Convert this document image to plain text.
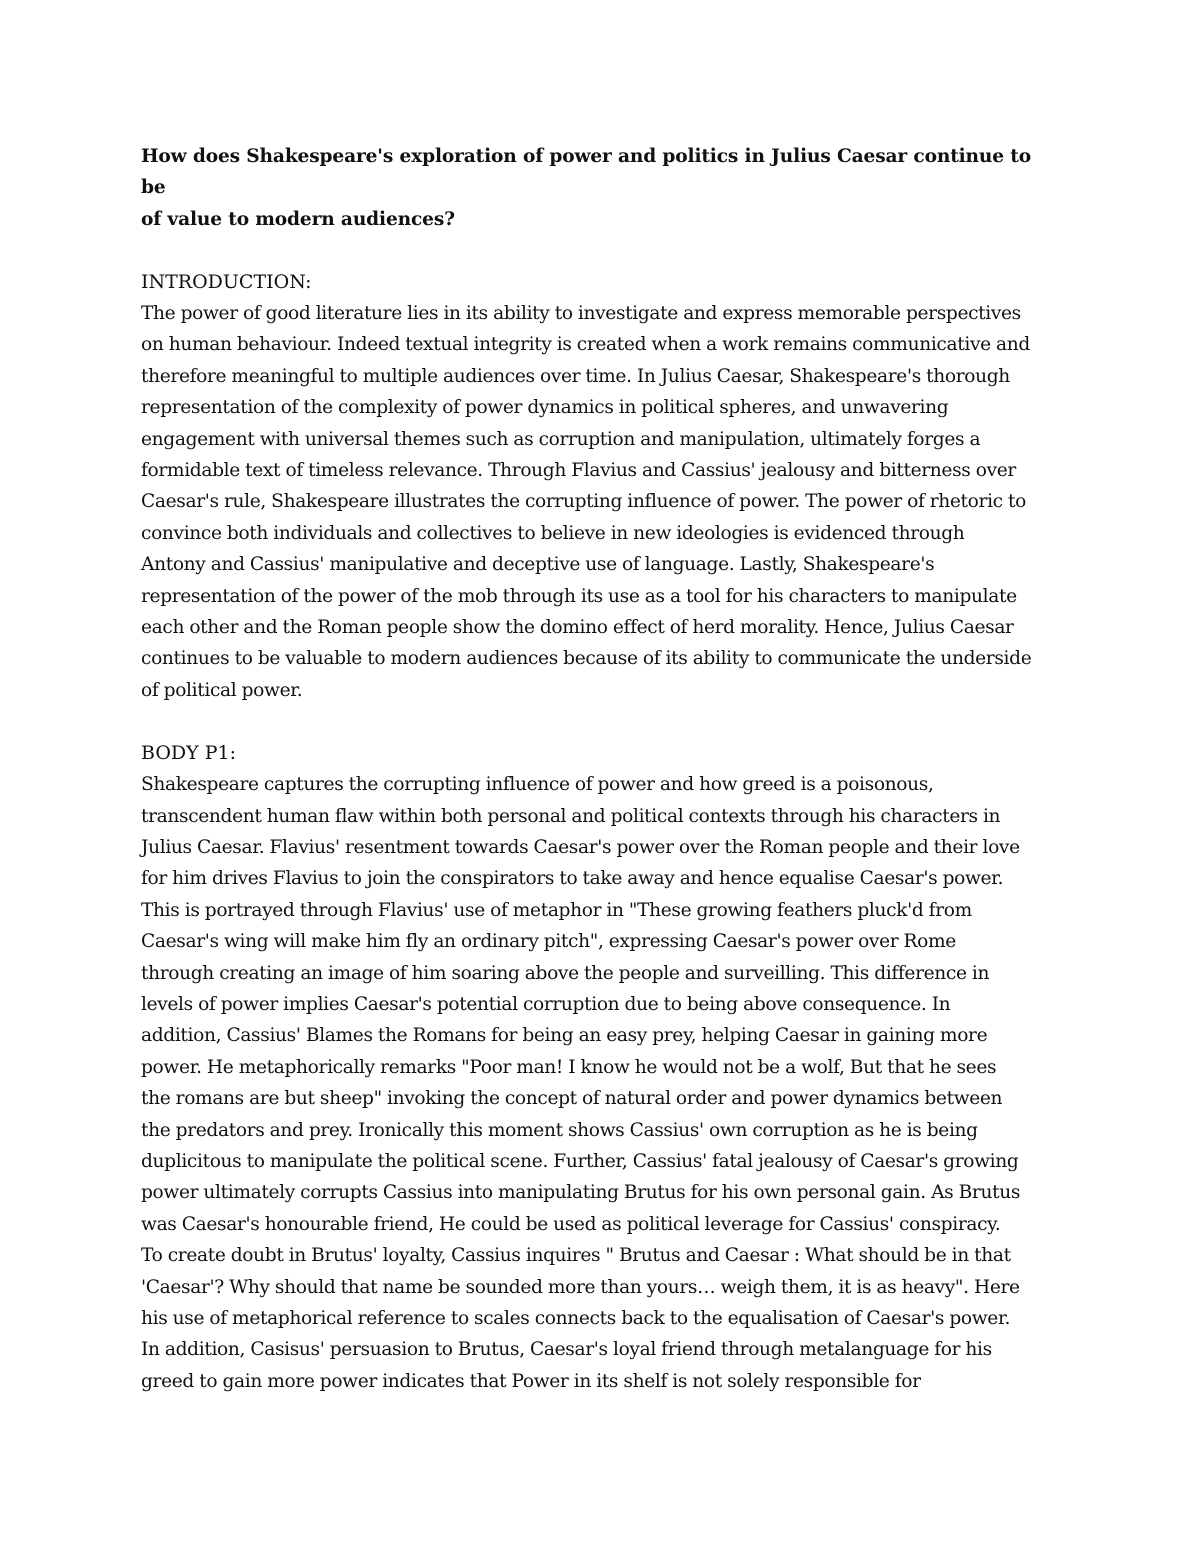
How does Shakespeare's exploration of power and politics in Julius Caesar continue to be

of value to modern audiences?

INTRODUCTION:

The power of good literature lies in its ability to investigate and express memorable perspectives

on human behaviour. Indeed textual integrity is created when a work remains communicative and

therefore meaningful to multiple audiences over time. In Julius Caesar, Shakespeare's thorough

representation of the complexity of power dynamics in political spheres, and unwavering

engagement with universal themes such as corruption and manipulation, ultimately forges a

formidable text of timeless relevance. Through Flavius and Cassius' jealousy and bitterness over

Caesar's rule, Shakespeare illustrates the corrupting influence of power. The power of rhetoric to

convince both individuals and collectives to believe in new ideologies is evidenced through

Antony and Cassius' manipulative and deceptive use of language. Lastly, Shakespeare's

representation of the power of the mob through its use as a tool for his characters to manipulate

each other and the Roman people show the domino effect of herd morality. Hence, Julius Caesar

continues to be valuable to modern audiences because of its ability to communicate the underside

of political power.

BODY P1:

Shakespeare captures the corrupting influence of power and how greed is a poisonous,

transcendent human flaw within both personal and political contexts through his characters in

Julius Caesar. Flavius' resentment towards Caesar's power over the Roman people and their love

for him drives Flavius to join the conspirators to take away and hence equalise Caesar's power.

This is portrayed through Flavius' use of metaphor in "These growing feathers pluck'd from

Caesar's wing will make him fly an ordinary pitch", expressing Caesar's power over Rome

through creating an image of him soaring above the people and surveilling. This difference in

levels of power implies Caesar's potential corruption due to being above consequence. In

addition, Cassius' Blames the Romans for being an easy prey, helping Caesar in gaining more

power. He metaphorically remarks "Poor man! I know he would not be a wolf, But that he sees

the romans are but sheep" invoking the concept of natural order and power dynamics between

the predators and prey. Ironically this moment shows Cassius' own corruption as he is being

duplicitous to manipulate the political scene. Further, Cassius' fatal jealousy of Caesar's growing

power ultimately corrupts Cassius into manipulating Brutus for his own personal gain. As Brutus

was Caesar's honourable friend, He could be used as political leverage for Cassius' conspiracy.

To create doubt in Brutus' loyalty, Cassius inquires " Brutus and Caesar : What should be in that

'Caesar'? Why should that name be sounded more than yours… weigh them, it is as heavy". Here

his use of metaphorical reference to scales connects back to the equalisation of Caesar's power.

In addition, Casisus' persuasion to Brutus, Caesar's loyal friend through metalanguage for his

greed to gain more power indicates that Power in its shelf is not solely responsible for
